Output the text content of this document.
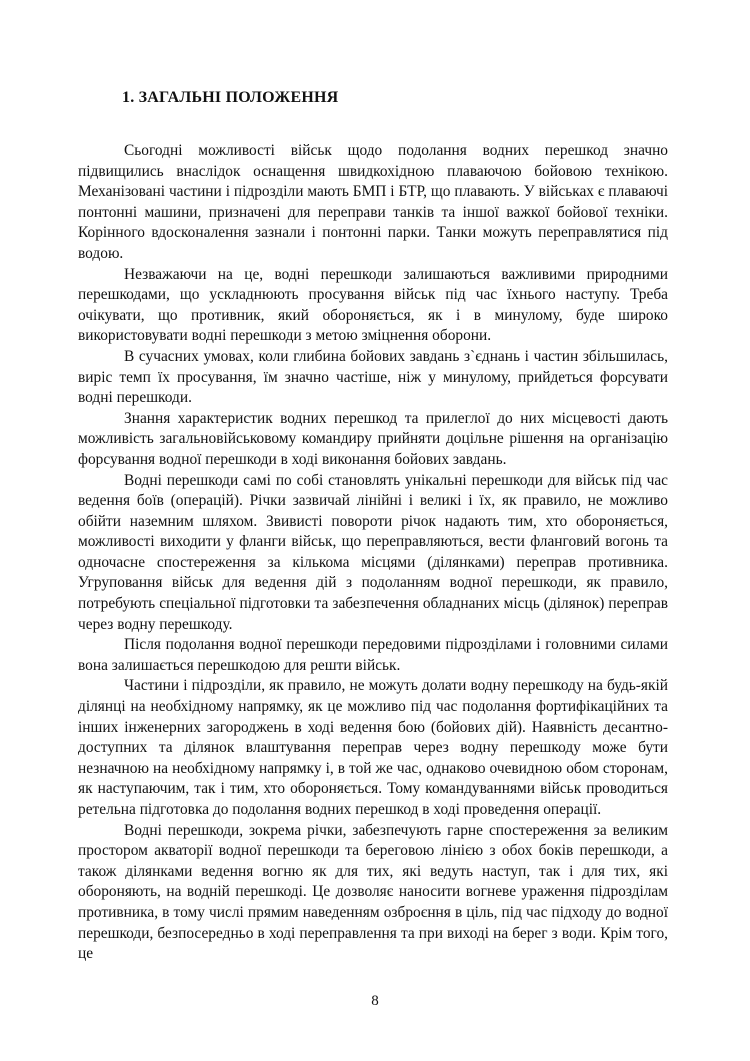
1. ЗАГАЛЬНІ ПОЛОЖЕННЯ

Сьогодні можливості військ щодо подолання водних перешкод значно підвищились внаслідок оснащення швидкохідною плаваючою бойовою технікою. Механізовані частини і підрозділи мають БМП і БТР, що плавають. У військах є плаваючі понтонні машини, призначені для переправи танків та іншої важкої бойової техніки. Корінного вдосконалення зазнали і понтонні парки. Танки можуть переправлятися під водою.

Незважаючи на це, водні перешкоди залишаються важливими природними перешкодами, що ускладнюють просування військ під час їхнього наступу. Треба очікувати, що противник, який обороняється, як і в минулому, буде широко використовувати водні перешкоди з метою зміцнення оборони.

В сучасних умовах, коли глибина бойових завдань з`єднань і частин збільшилась, виріс темп їх просування, їм значно частіше, ніж у минулому, прийдеться форсувати водні перешкоди.

Знання характеристик водних перешкод та прилеглої до них місцевості дають можливість загальновійськовому командиру прийняти доцільне рішення на організацію форсування водної перешкоди в ході виконання бойових завдань.

Водні перешкоди самі по собі становлять унікальні перешкоди для військ під час ведення боїв (операцій). Річки зазвичай лінійні і великі і їх, як правило, не можливо обійти наземним шляхом. Звивисті повороти річок надають тим, хто обороняється, можливості виходити у фланги військ, що переправляються, вести фланговий вогонь та одночасне спостереження за кількома місцями (ділянками) переправ противника. Угруповання військ для ведення дій з подоланням водної перешкоди, як правило, потребують спеціальної підготовки та забезпечення обладнаних місць (ділянок) переправ через водну перешкоду.

Після подолання водної перешкоди передовими підрозділами і головними силами вона залишається перешкодою для решти військ.

Частини і підрозділи, як правило, не можуть долати водну перешкоду на будь-якій ділянці на необхідному напрямку, як це можливо під час подолання фортифікаційних та інших інженерних загороджень в ході ведення бою (бойових дій). Наявність десантно-доступних та ділянок влаштування переправ через водну перешкоду може бути незначною на необхідному напрямку і, в той же час, однаково очевидною обом сторонам, як наступаючим, так і тим, хто обороняється. Тому командуваннями військ проводиться ретельна підготовка до подолання водних перешкод в ході проведення операції.

Водні перешкоди, зокрема річки, забезпечують гарне спостереження за великим простором акваторії водної перешкоди та береговою лінією з обох боків перешкоди, а також ділянками ведення вогню як для тих, які ведуть наступ, так і для тих, які обороняють, на водній перешкоді. Це дозволяє наносити вогневе ураження підрозділам противника, в тому числі прямим наведенням озброєння в ціль, під час підходу до водної перешкоди, безпосередньо в ході переправлення та при виході на берег з води. Крім того, це

8
